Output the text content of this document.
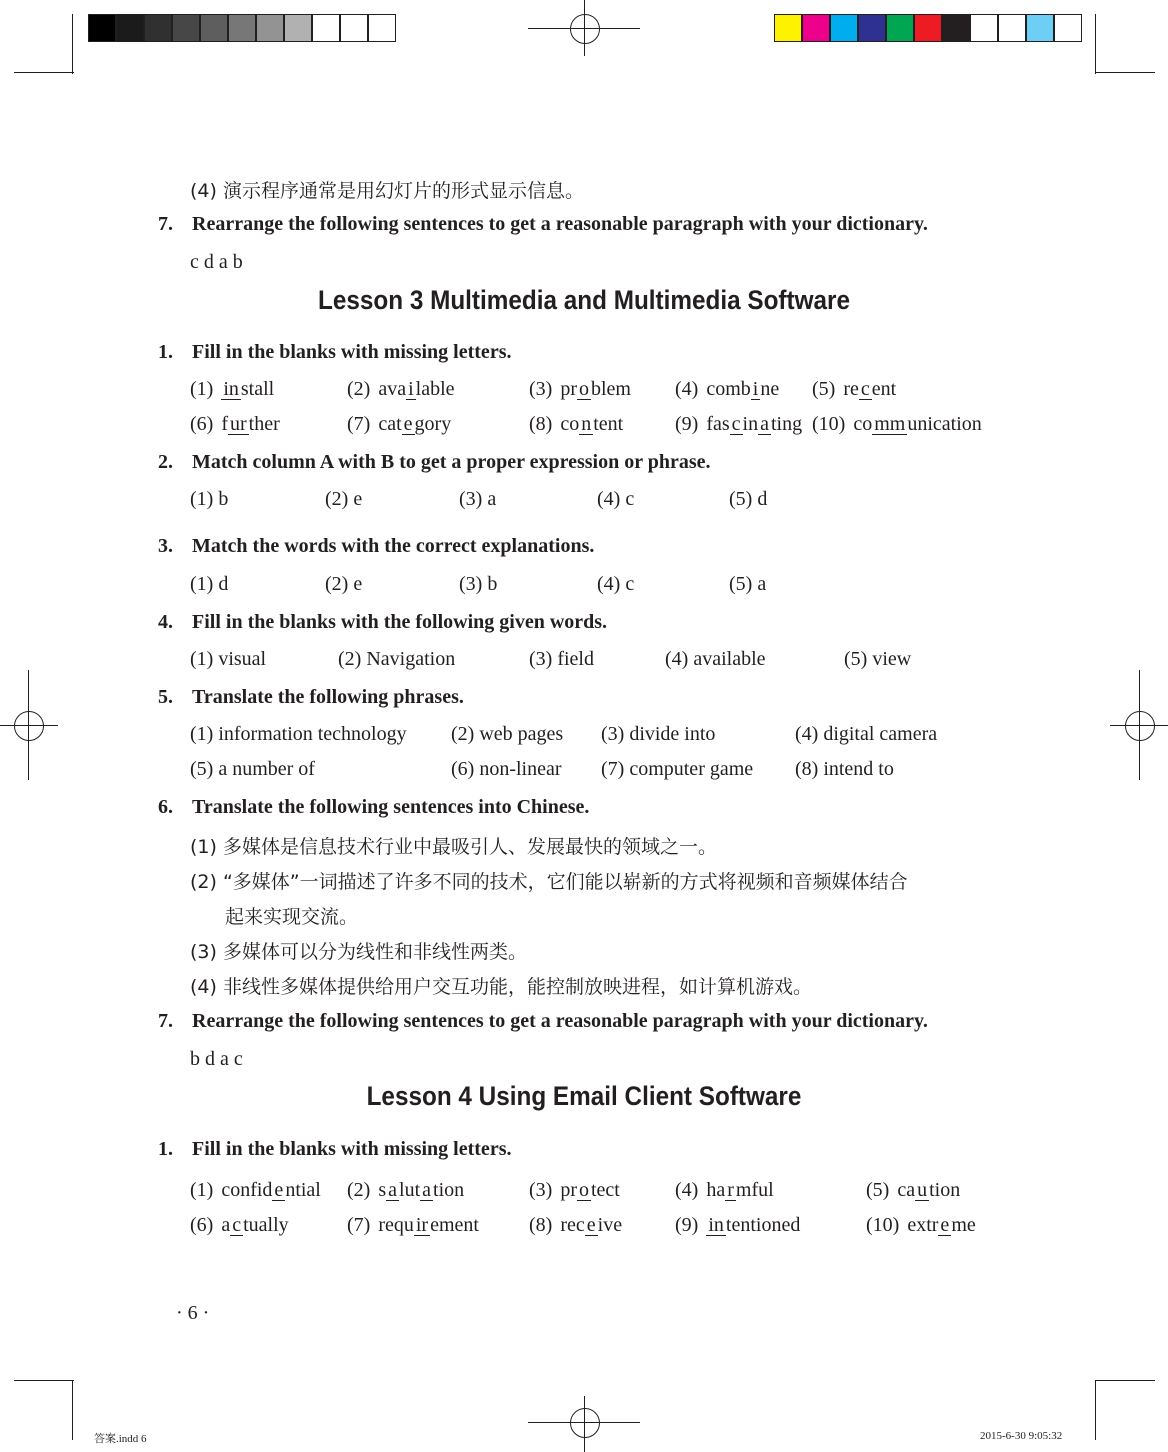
(4) 演示程序通常是用幻灯片的形式显示信息。
7. Rearrange the following sentences to get a reasonable paragraph with your dictionary.
c d a b
Lesson 3 Multimedia and Multimedia Software
1. Fill in the blanks with missing letters.
(1) in stall	(2) ava i lable	(3) pr o blem (4) comb i ne (5) re c ent
(6) f ur ther	(7) cat e gory	(8) co n tent	(9) fas c in a ting (10) co mm unication
2. Match column A with B to get a proper expression or phrase.
(1) b	(2) e	(3) a	(4) c	(5) d
3. Match the words with the correct explanations.
(1) d	(2) e	(3) b	(4) c	(5) a
4. Fill in the blanks with the following given words.
(1) visual	(2) Navigation	(3) field	(4) available	(5) view
5. Translate the following phrases.
(1) information technology (2) web pages (3) divide into	(4) digital camera
(5) a number of	(6) non-linear (7) computer game (8) intend to
6. Translate the following sentences into Chinese.
(1) 多媒体是信息技术行业中最吸引人、发展最快的领域之一。
(2) “多媒体”一词描述了许多不同的技术，它们能以崭新的方式将视频和音频媒体结合
起来实现交流。
(3) 多媒体可以分为线性和非线性两类。
(4) 非线性多媒体提供给用户交互功能，能控制放映进程，如计算机游戏。
7. Rearrange the following sentences to get a reasonable paragraph with your dictionary.
b d a c
Lesson 4 Using Email Client Software
1. Fill in the blanks with missing letters.
(1) confid e ntial (2) s a lut a tion	(3) pr o tect	(4) ha r mful	(5) ca u tion
(6) a c tually	(7) requ ir ement	(8) rec e ive	(9) in tentioned	(10) extr e me
· 6 ·
答案.indd 6	2015-6-30 9:05:32
